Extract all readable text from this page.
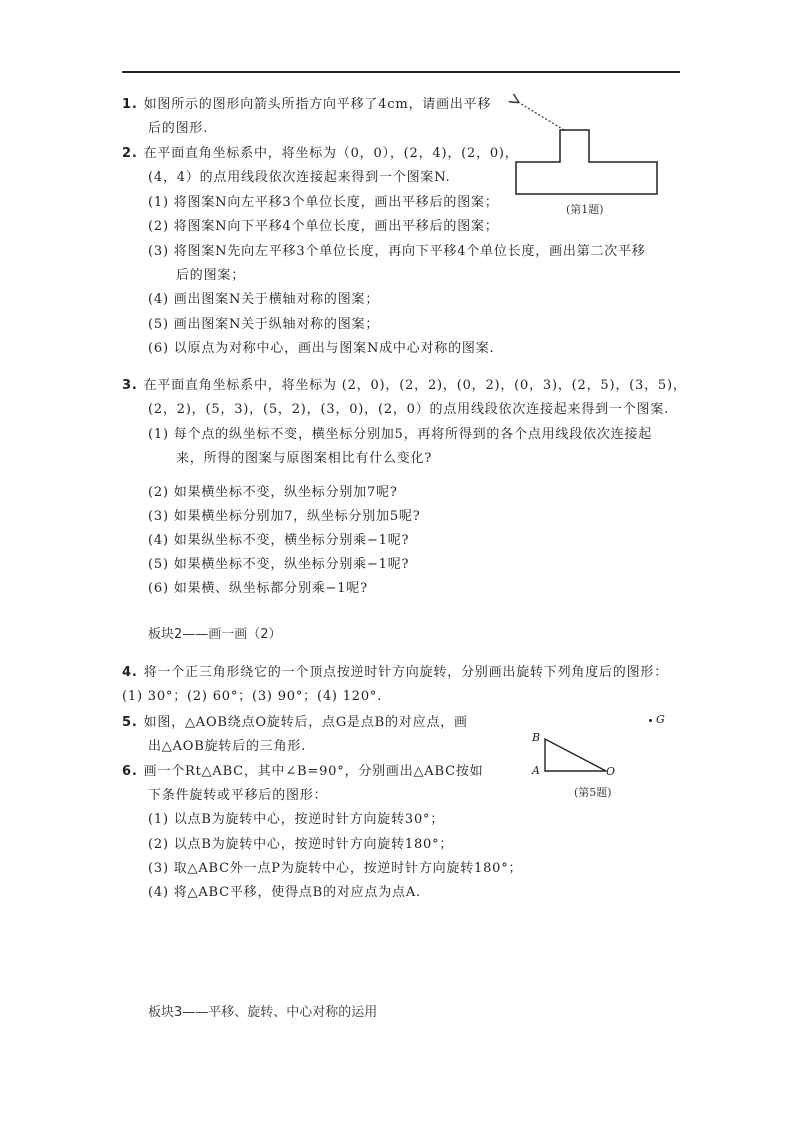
1. 如图所示的图形向箭头所指方向平移了4cm，请画出平移
后的图形.
(第1题)
2. 在平面直角坐标系中，将坐标为（0，0），(2，4)，(2，0)，
(4，4）的点用线段依次连接起来得到一个图案N.
(1) 将图案N向左平移3个单位长度，画出平移后的图案；
(2) 将图案N向下平移4个单位长度，画出平移后的图案；
(3) 将图案N先向左平移3个单位长度，再向下平移4个单位长度，画出第二次平移
后的图案；
(4) 画出图案N关于横轴对称的图案；
(5) 画出图案N关于纵轴对称的图案；
(6) 以原点为对称中心，画出与图案N成中心对称的图案.
3. 在平面直角坐标系中，将坐标为 (2，0)，(2，2)，(0，2)，(0，3)，(2，5)，(3，5)，
(2，2)，(5，3)，(5，2)，(3，0)，(2，0）的点用线段依次连接起来得到一个图案.
(1) 每个点的纵坐标不变，横坐标分别加5，再将所得到的各个点用线段依次连接起
来，所得的图案与原图案相比有什么变化?
(2) 如果横坐标不变，纵坐标分别加7呢?
(3) 如果横坐标分别加7，纵坐标分别加5呢?
(4) 如果纵坐标不变，横坐标分别乘−1呢?
(5) 如果横坐标不变，纵坐标分别乘−1呢?
(6) 如果横、纵坐标都分别乘−1呢?
板块2——画一画（2）
4. 将一个正三角形绕它的一个顶点按逆时针方向旋转，分别画出旋转下列角度后的图形：
(1) 30°；(2) 60°；(3) 90°；(4) 120°.
5. 如图，△AOB绕点O旋转后，点G是点B的对应点，画
出△AOB旋转后的三角形.
B
A	O
G
(第5题)
6. 画一个Rt△ABC，其中∠B=90°，分别画出△ABC按如
下条件旋转或平移后的图形：
(1) 以点B为旋转中心，按逆时针方向旋转30°；
(2) 以点B为旋转中心，按逆时针方向旋转180°；
(3) 取△ABC外一点P为旋转中心，按逆时针方向旋转180°；
(4) 将△ABC平移，使得点B的对应点为点A.
板块3——平移、旋转、中心对称的运用
